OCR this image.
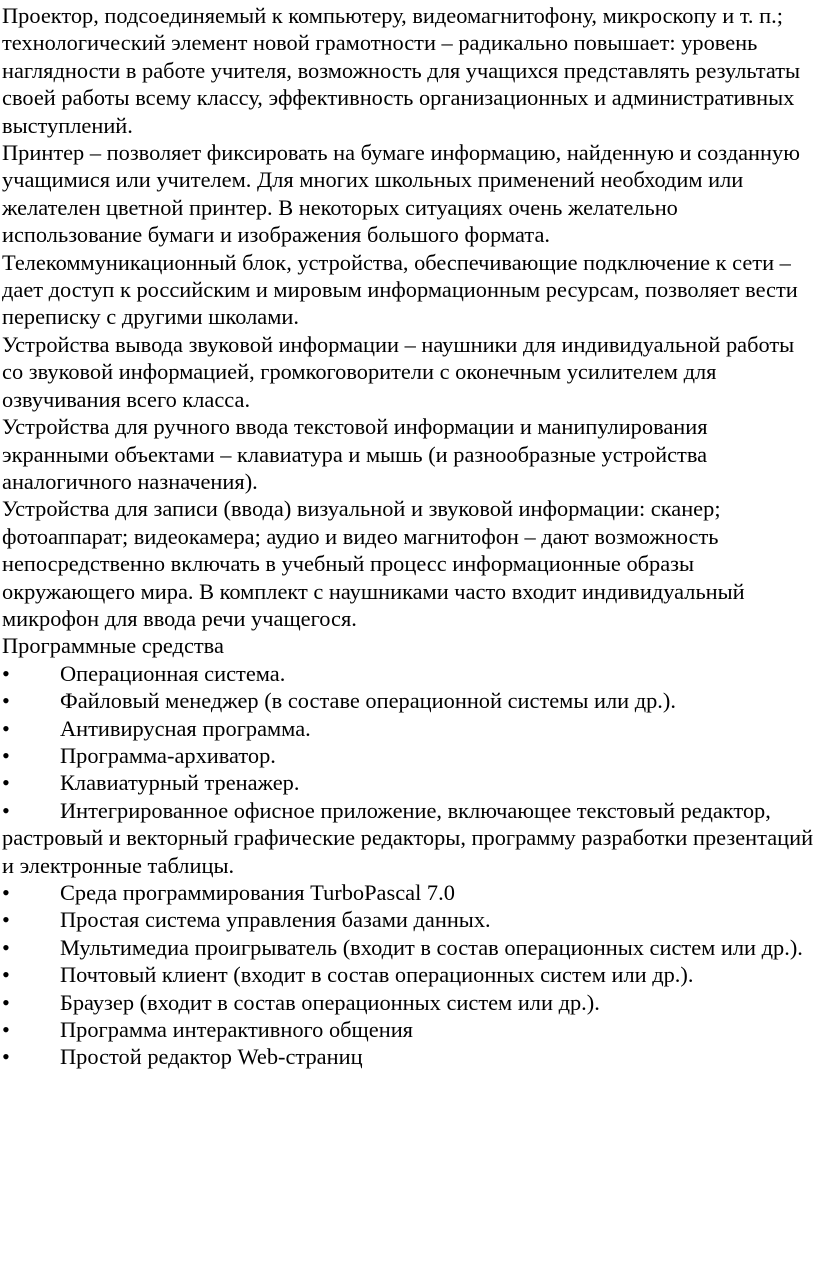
Проектор, подсоединяемый к компьютеру, видеомагнитофону, микроскопу и т. п.; технологический элемент новой грамотности – радикально повышает: уровень наглядности в работе учителя, возможность для учащихся представлять результаты своей работы всему классу, эффективность организационных и административных выступлений.

Принтер – позволяет фиксировать на бумаге информацию, найденную и созданную учащимися или учителем. Для многих школьных применений необходим или желателен цветной принтер. В некоторых ситуациях очень желательно использование бумаги и изображения большого формата.

Телекоммуникационный блок, устройства, обеспечивающие подключение к сети – дает доступ к российским и мировым информационным ресурсам, позволяет вести переписку с другими школами.

Устройства вывода звуковой информации – наушники для индивидуальной работы со звуковой информацией, громкоговорители с оконечным усилителем для озвучивания всего класса.

Устройства для ручного ввода текстовой информации и манипулирования экранными объектами – клавиатура и мышь (и разнообразные устройства аналогичного назначения).

Устройства для записи (ввода) визуальной и звуковой информации: сканер; фотоаппарат; видеокамера; аудио и видео магнитофон – дают возможность непосредственно включать в учебный процесс информационные образы окружающего мира. В комплект с наушниками часто входит индивидуальный микрофон для ввода речи учащегося.

Программные средства

• Операционная система.
• Файловый менеджер (в составе операционной системы или др.).
• Антивирусная программа.
• Программа-архиватор.
• Клавиатурный тренажер.
• Интегрированное офисное приложение, включающее текстовый редактор, растровый и векторный графические редакторы, программу разработки презентаций и электронные таблицы.
• Среда программирования TurboPascal 7.0
• Простая система управления базами данных.
• Мультимедиа проигрыватель (входит в состав операционных систем или др.).
• Почтовый клиент (входит в состав операционных систем или др.).
• Браузер (входит в состав операционных систем или др.).
• Программа интерактивного общения
• Простой редактор Web-страниц
